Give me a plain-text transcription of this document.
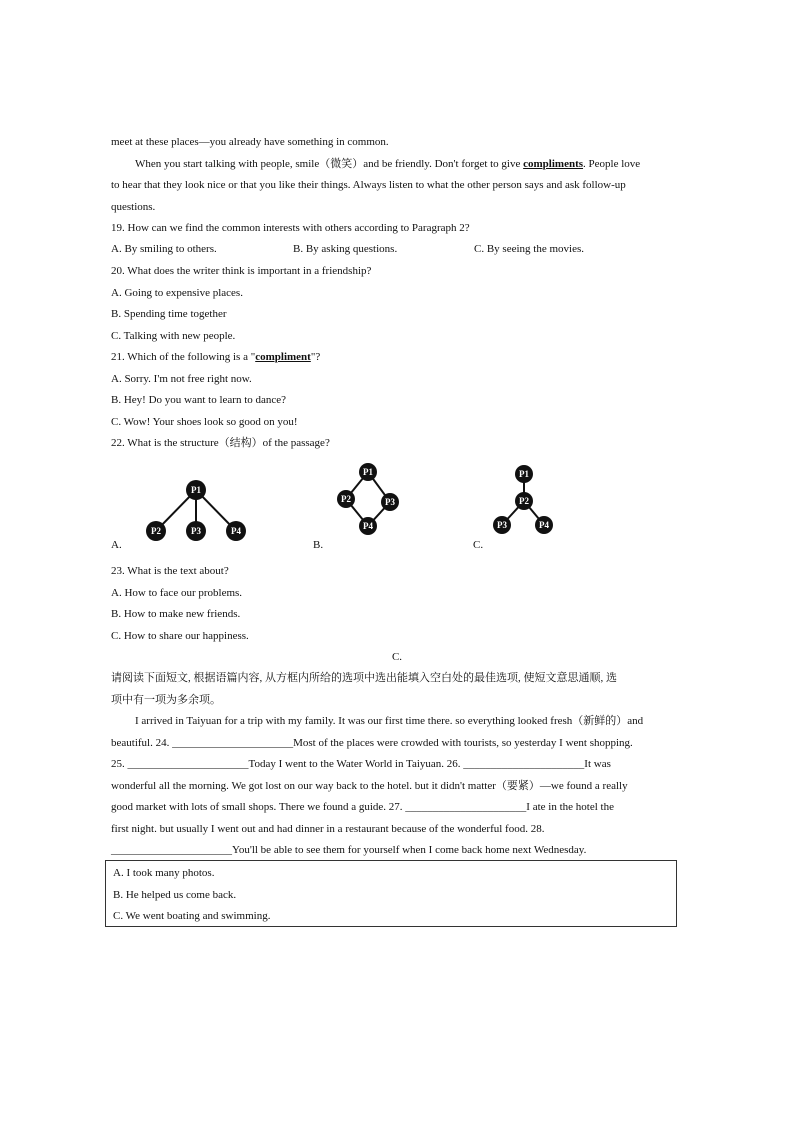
meet at these places—you already have something in common.
When you start talking with people, smile（微笑）and be friendly. Don't forget to give compliments. People love
to hear that they look nice or that you like their things. Always listen to what the other person says and ask follow-up
questions.
19. How can we find the common interests with others according to Paragraph 2?
A. By smiling to others.	B. By asking questions.	C. By seeing the movies.
20. What does the writer think is important in a friendship?
A. Going to expensive places.
B. Spending time together
C. Talking with new people.
21. Which of the following is a "compliment"?
A. Sorry. I'm not free right now.
B. Hey! Do you want to learn to dance?
C. Wow! Your shoes look so good on you!
22. What is the structure（结构）of the passage?
P1
P2	P3	P4
P1
P2	P3
P4
P1
P2
P3	P4
A.	B.	C.
23. What is the text about?
A. How to face our problems.
B. How to make new friends.
C. How to share our happiness.
C.
请阅读下面短文, 根据语篇内容, 从方框内所给的选项中选出能填入空白处的最佳选项, 使短文意思通顺, 选
项中有一项为多余项。
I arrived in Taiyuan for a trip with my family. It was our first time there. so everything looked fresh（新鲜的）and
beautiful. 24. ______________________Most of the places were crowded with tourists, so yesterday I went shopping.
25. ______________________Today I went to the Water World in Taiyuan. 26. ______________________It was
wonderful all the morning. We got lost on our way back to the hotel. but it didn't matter（要紧）—we found a really
good market with lots of small shops. There we found a guide. 27. ______________________I ate in the hotel the
first night. but usually I went out and had dinner in a restaurant because of the wonderful food. 28.
______________________You'll be able to see them for yourself when I come back home next Wednesday.
A. I took many photos.
B. He helped us come back.
C. We went boating and swimming.
